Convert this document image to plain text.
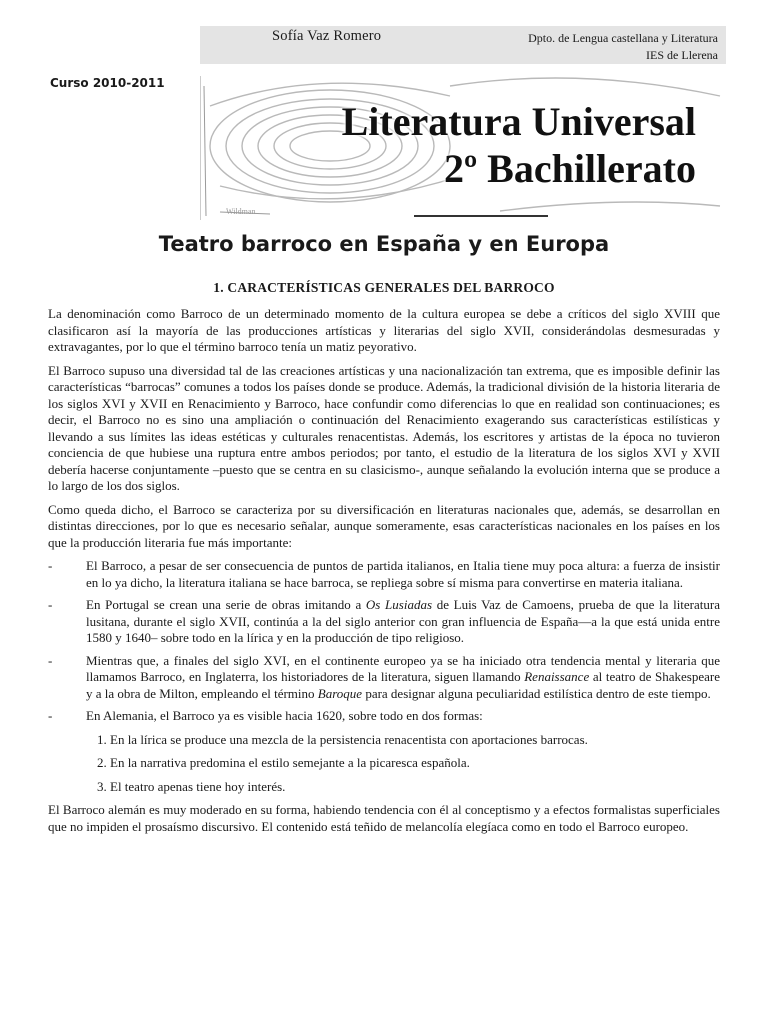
Wildman
Sofía Vaz Romero	Dpto. de Lengua castellana y Literatura
IES de Llerena
Curso 2010-2011
Literatura Universal
2º Bachillerato
Teatro barroco en España y en Europa
1. CARACTERÍSTICAS GENERALES DEL BARROCO

La denominación como Barroco de un determinado momento de la cultura europea se debe a críticos del siglo XVIII que clasificaron así la mayoría de las producciones artísticas y literarias del siglo XVII, considerándolas desmesuradas y extravagantes, por lo que el término barroco tenía un matiz peyorativo.

El Barroco supuso una diversidad tal de las creaciones artísticas y una nacionalización tan extrema, que es imposible definir las características “barrocas” comunes a todos los países donde se produce. Además, la tradicional división de la historia literaria de los siglos XVI y XVII en Renacimiento y Barroco, hace confundir como diferencias lo que en realidad son continuaciones; es decir, el Barroco no es sino una ampliación o continuación del Renacimiento exagerando sus características estilísticas y llevando a sus límites las ideas estéticas y culturales renacentistas. Además, los escritores y artistas de la época no tuvieron conciencia de que hubiese una ruptura entre ambos periodos; por tanto, el estudio de la literatura de los siglos XVI y XVII debería hacerse conjuntamente –puesto que se centra en su clasicismo-, aunque señalando la evolución interna que se produce a lo largo de los dos siglos.

Como queda dicho, el Barroco se caracteriza por su diversificación en literaturas nacionales que, además, se desarrollan en distintas direcciones, por lo que es necesario señalar, aunque someramente, esas características nacionales en los países en los que la producción literaria fue más importante:

-	El Barroco, a pesar de ser consecuencia de puntos de partida italianos, en Italia tiene muy poca altura: a fuerza de insistir en lo ya dicho, la literatura italiana se hace barroca, se repliega sobre sí misma para convertirse en materia italiana.
-	En Portugal se crean una serie de obras imitando a Os Lusiadas de Luis Vaz de Camoens, prueba de que la literatura lusitana, durante el siglo XVII, continúa a la del siglo anterior con gran influencia de España—a la que está unida entre 1580 y 1640– sobre todo en la lírica y en la producción de tipo religioso.
-	Mientras que, a finales del siglo XVI, en el continente europeo ya se ha iniciado otra tendencia mental y literaria que llamamos Barroco, en Inglaterra, los historiadores de la literatura, siguen llamando Renaissance al teatro de Shakespeare y a la obra de Milton, empleando el término Baroque para designar alguna peculiaridad estilística dentro de este tiempo.
-	En Alemania, el Barroco ya es visible hacia 1620, sobre todo en dos formas:
1. En la lírica se produce una mezcla de la persistencia renacentista con aportaciones barrocas.
2. En la narrativa predomina el estilo semejante a la picaresca española.
3. El teatro apenas tiene hoy interés.

El Barroco alemán es muy moderado en su forma, habiendo tendencia con él al conceptismo y a efectos formalistas superficiales que no impiden el prosaísmo discursivo. El contenido está teñido de melancolía elegíaca como en todo el Barroco europeo.
